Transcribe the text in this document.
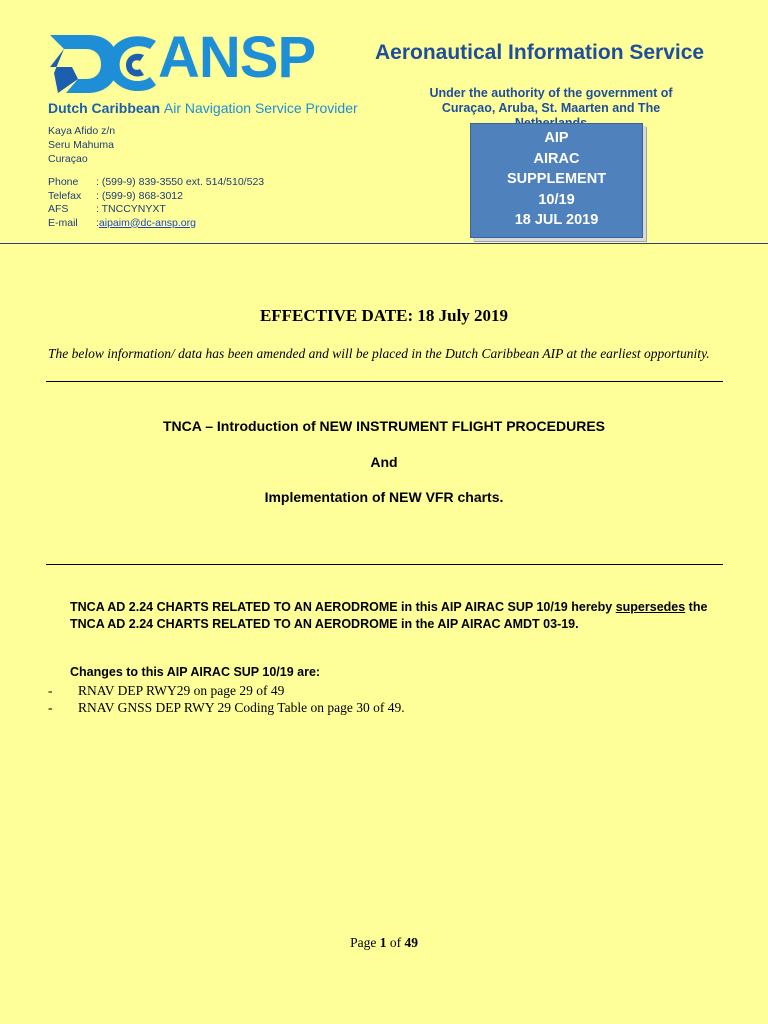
ANSP
Dutch Caribbean Air Navigation Service Provider
Kaya Afido z/n
Seru Mahuma
Curaçao
Phone	: (599-9) 839-3550 ext. 514/510/523
Telefax	: (599-9) 868-3012
AFS	: TNCCYNYXT
E-mail	: aipaim@dc-ansp.org
Aeronautical Information Service
Under the authority of the government of
Curaçao, Aruba, St. Maarten and The
AIP
AIRAC
SUPPLEMENT
10/19
18 JUL 2019
EFFECTIVE DATE: 18 July 2019
The below information/ data has been amended and will be placed in the Dutch Caribbean AIP at the earliest opportunity.
TNCA – Introduction of NEW INSTRUMENT FLIGHT PROCEDURES
And
Implementation of NEW VFR charts.
TNCA AD 2.24 CHARTS RELATED TO AN AERODROME in this AIP AIRAC SUP 10/19 hereby supersedes the TNCA AD 2.24 CHARTS RELATED TO AN AERODROME in the AIP AIRAC AMDT 03-19.
Changes to this AIP AIRAC SUP 10/19 are:
-	RNAV DEP RWY29 on page 29 of 49
-	RNAV GNSS DEP RWY 29 Coding Table on page 30 of 49.
Page 1 of 49
